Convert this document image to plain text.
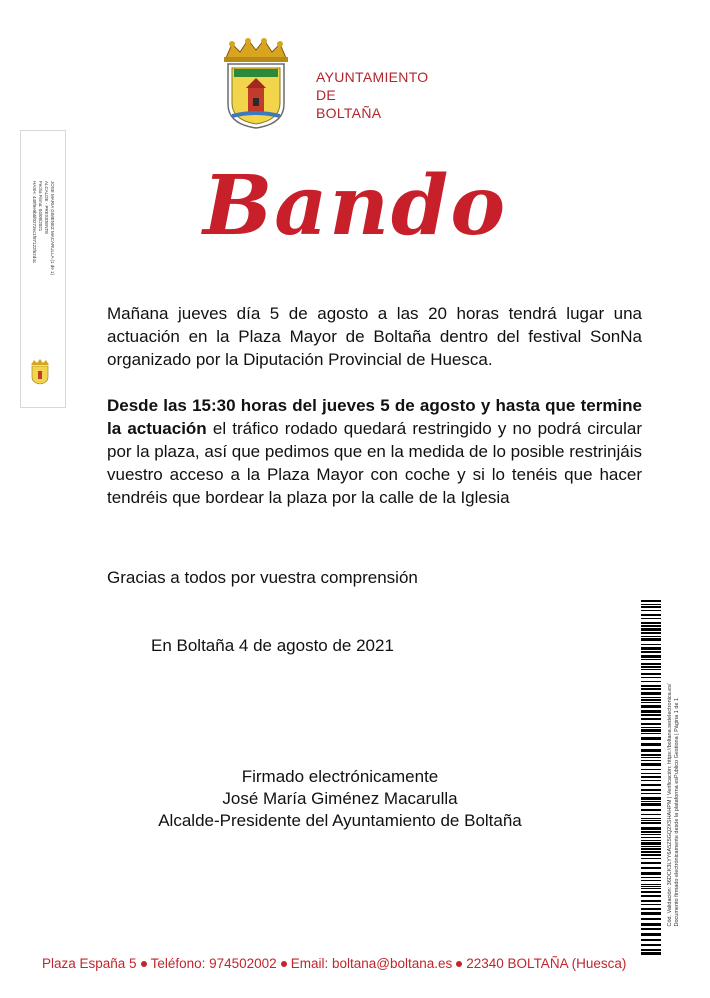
AYUNTAMIENTO
DE
BOLTAÑA
Bando
Mañana jueves día 5 de agosto a las 20 horas tendrá lugar una actuación en la Plaza Mayor de Boltaña dentro del festival SonNa organizado por la Diputación Provincial de Huesca.
Desde las 15:30 horas del jueves 5 de agosto y hasta que termine la actuación el tráfico rodado quedará restringido y no podrá circular por la plaza, así que pedimos que en la medida de lo posible restrinjáis vuestro acceso a la Plaza Mayor con coche y si lo tenéis que hacer tendréis que bordear la plaza por la calle de la Iglesia
Gracias a todos por vuestra comprensión
En Boltaña 4 de agosto de 2021
Firmado electrónicamente
José María Giménez Macarulla
Alcalde-Presidente del Ayuntamiento de Boltaña
JOSE MARIA GIMENEZ MACARULLA (1 de 1)
ALCALDE - PRESIDENTE
Fecha Firma: 04/08/2021
HASH: 448f9e9b5f0273ec1f87122f62d4c
Cód. Validación: 36DCK3LYY6A5Z5GQ2XSHAHPM | Verificación: https://boltana.sedelectronica.es/ Documento firmado electrónicamente desde la plataforma esPublico Gestiona | Página 1 de 1
Plaza España 5 Teléfono: 974502002 Email: boltana@boltana.es 22340 BOLTAÑA (Huesca)
